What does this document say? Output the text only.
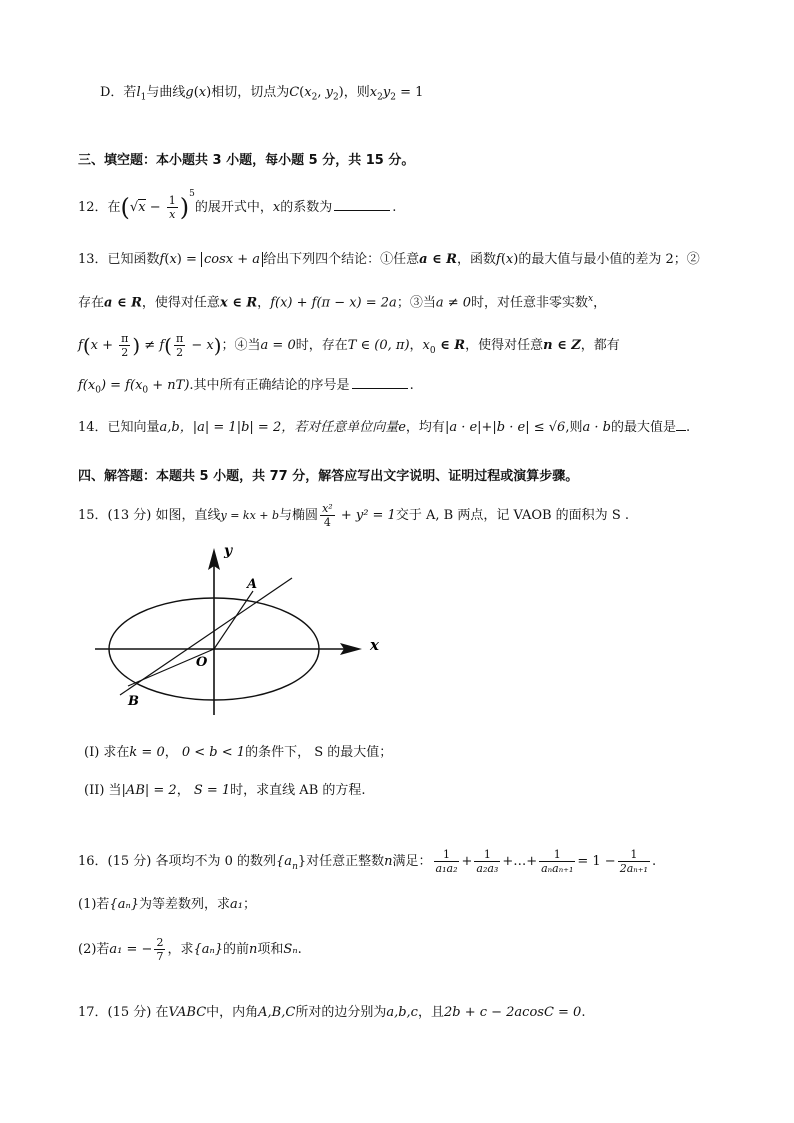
D．若$l_1$与曲线g(x)相切，切点为$C(x_2$, $y_2$)，则$x_2y_2 = 1$
三、填空题：本小题共 3 小题，每小题 5 分，共 15 分。
12．在$(√x - \frac{1}{x} )^5$的展开式中，x的系数为	.
13．已知函数f(x) = cosx + a 给出下列四个结论：①任意a ∈ R，函数f(x)的最大值与最小值的差为 2；②
存在a ∈ R，使得对任意x ∈ R，f(x) + f(π − x) = 2a；③当a ≠ 0时，对任意非零实数$^x$，
$f(x + \frac{\pi}{2}$ ) ≠ $f( \frac{\pi}{2} - x)$；④当a = 0时，存在T ∈ (0, π)，$x_0$ ∈ R，使得对任意n ∈ Z，都有
$f(x_0) = f(x_0 + nT)$.其中所有正确结论的序号是	.
14．已知向量a,b，|a| = 1|b| = 2，若对任意单位向量e，均有|a · e|+|b · e| ≤ √6,则a · b的最大值是 .
四、解答题：本题共 5 小题，共 77 分，解答应写出文字说明、证明过程或演算步骤。
15．(13 分) 如图，直线y = kx + b与椭圆 $\frac{\text{x²}}{4} + y^2 = 1$交于 A, B 两点，记 VAOB 的面积为 S .
x
y
A
B
O
(I) 求在k = 0， 0 < b < 1的条件下， S 的最大值；
(II) 当|AB| = 2， S = 1时，求直线 AB 的方程.
16．(15 分) 各项均不为 0 的数列$\{a_n\}$对任意正整数n满足： $\frac{1}{\text{a₁a₂}} + \frac{1}{\text{a₂a₃}}$ +…+ $\frac{1}{\text{aₙaₙ₊₁}} = 1 - \frac{1}{\text{2aₙ₊₁}}$ .
(1)若{aₙ}为等差数列，求a₁；
(2)若a₁ = − $\frac{2}{7}$ ，求{aₙ}的前n项和Sₙ.
17．(15 分) 在VABC中，内角A,B,C所对的边分别为a,b,c，且2b + c − 2acosC = 0.
